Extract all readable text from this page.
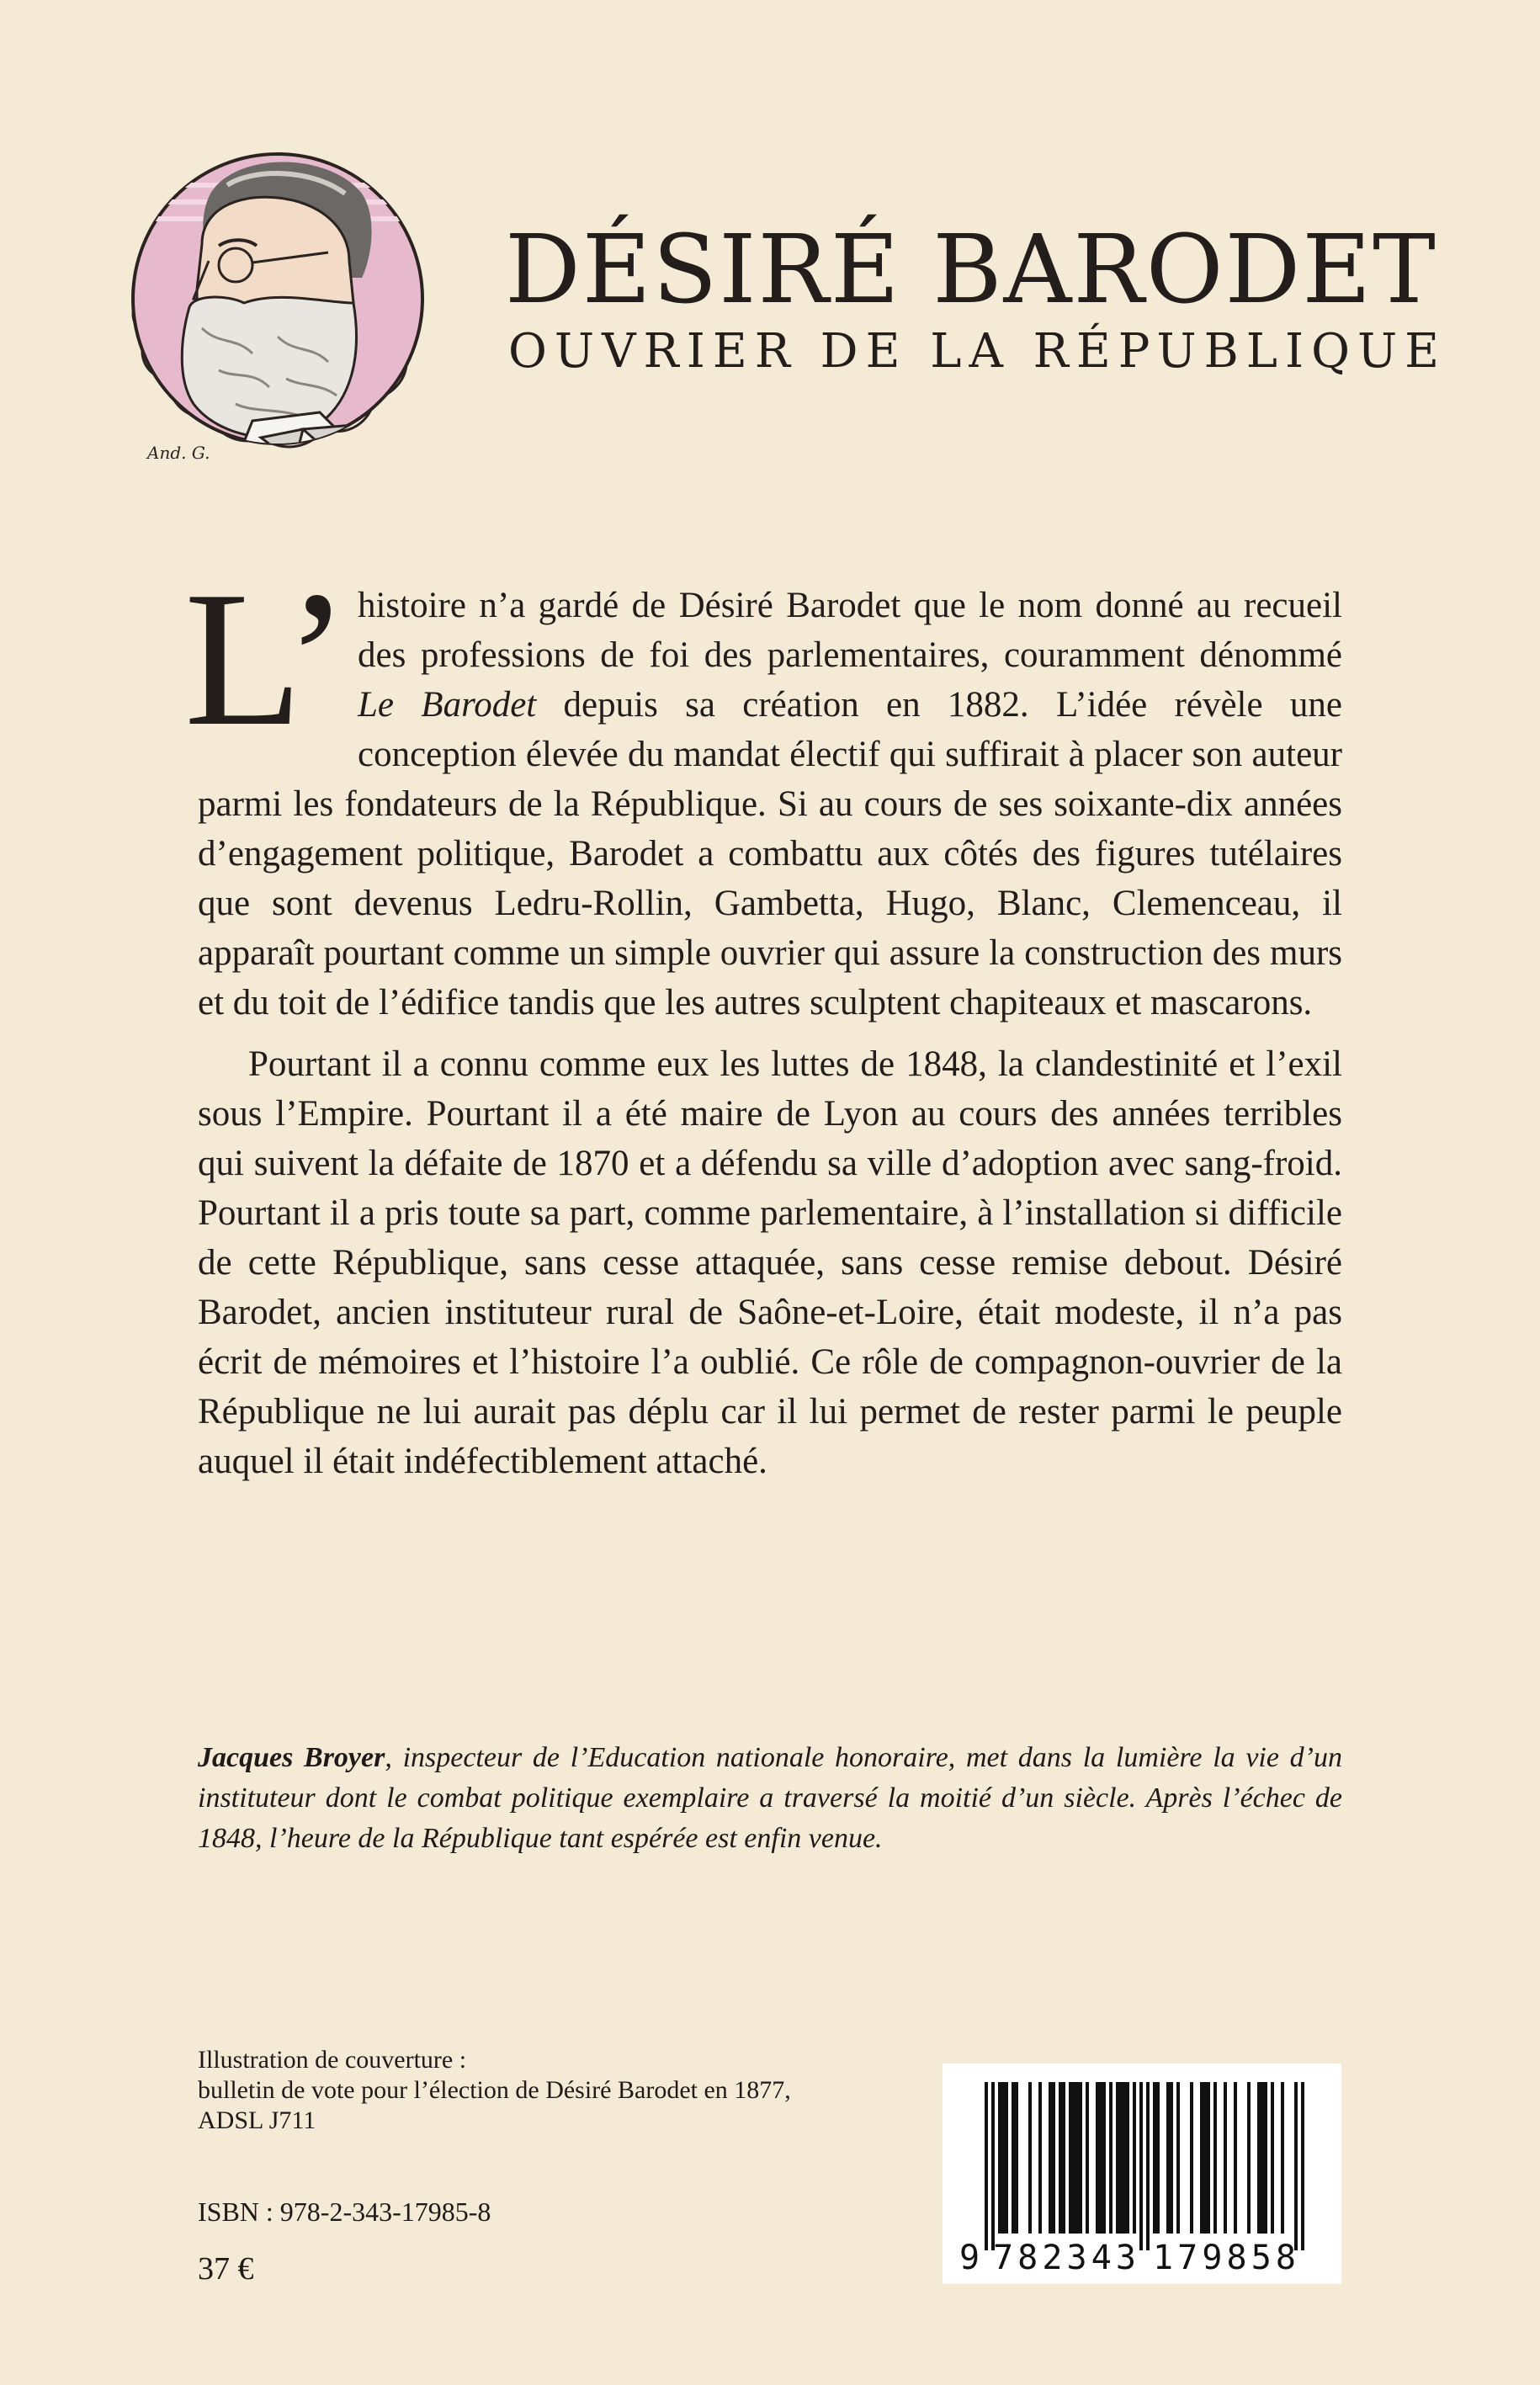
And. G.
DÉSIRÉ BARODET
OUVRIER DE LA RÉPUBLIQUE

L’histoire n’a gardé de Désiré Barodet que le nom donné au recueil des professions de foi des parlementaires, couramment dénommé Le Barodet depuis sa création en 1882. L’idée révèle une conception élevée du mandat électif qui suffirait à placer son auteur parmi les fondateurs de la République. Si au cours de ses soixante-dix années d’engagement politique, Barodet a combattu aux côtés des figures tutélaires que sont devenus Ledru-Rollin, Gambetta, Hugo, Blanc, Clemenceau, il apparaît pourtant comme un simple ouvrier qui assure la construction des murs et du toit de l’édifice tandis que les autres sculptent chapiteaux et mascarons.

Pourtant il a connu comme eux les luttes de 1848, la clandestinité et l’exil sous l’Empire. Pourtant il a été maire de Lyon au cours des années terribles qui suivent la défaite de 1870 et a défendu sa ville d’adoption avec sang-froid. Pourtant il a pris toute sa part, comme parlementaire, à l’installation si difficile de cette République, sans cesse attaquée, sans cesse remise debout. Désiré Barodet, ancien instituteur rural de Saône-et-Loire, était modeste, il n’a pas écrit de mémoires et l’histoire l’a oublié. Ce rôle de compagnon-ouvrier de la République ne lui aurait pas déplu car il lui permet de rester parmi le peuple auquel il était indéfectiblement attaché.

Jacques Broyer, inspecteur de l’Education nationale honoraire, met dans la lumière la vie d’un instituteur dont le combat politique exemplaire a traversé la moitié d’un siècle. Après l’échec de 1848, l’heure de la République tant espérée est enfin venue.
Illustration de couverture :
bulletin de vote pour l’élection de Désiré Barodet en 1877,
ADSL J711
ISBN : 978-2-343-17985-8
37 €	9 782343 179858
